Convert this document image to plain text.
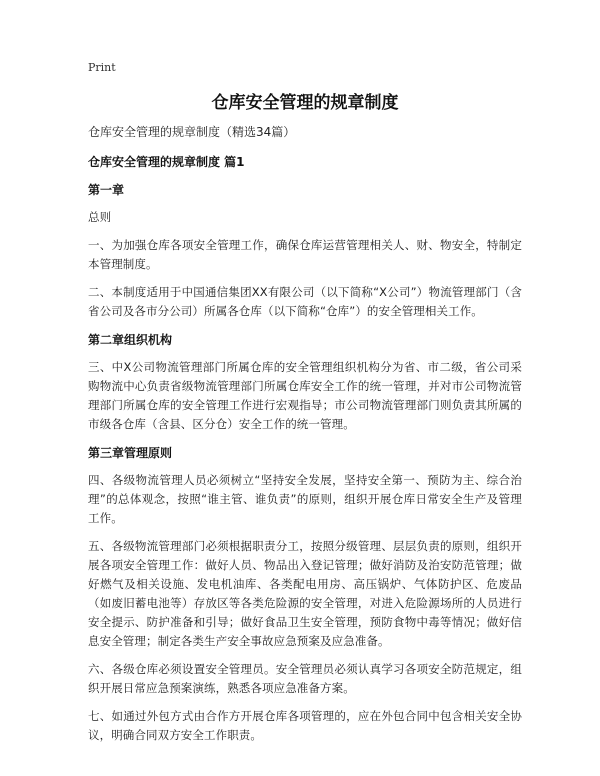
Print
仓库安全管理的规章制度
仓库安全管理的规章制度（精选34篇）
仓库安全管理的规章制度 篇1
第一章
总则
一、为加强仓库各项安全管理工作，确保仓库运营管理相关人、财、物安全，特制定本管理制度。
二、本制度适用于中国通信集团XX有限公司（以下简称“X公司”）物流管理部门（含省公司及各市分公司）所属各仓库（以下简称“仓库”）的安全管理相关工作。
第二章组织机构
三、中X公司物流管理部门所属仓库的安全管理组织机构分为省、市二级，省公司采购物流中心负责省级物流管理部门所属仓库安全工作的统一管理，并对市公司物流管理部门所属仓库的安全管理工作进行宏观指导；市公司物流管理部门则负责其所属的市级各仓库（含县、区分仓）安全工作的统一管理。
第三章管理原则
四、各级物流管理人员必须树立“坚持安全发展，坚持安全第一、预防为主、综合治理”的总体观念，按照“谁主管、谁负责”的原则，组织开展仓库日常安全生产及管理工作。
五、各级物流管理部门必须根据职责分工，按照分级管理、层层负责的原则，组织开展各项安全管理工作：做好人员、物品出入登记管理；做好消防及治安防范管理；做好燃气及相关设施、发电机油库、各类配电用房、高压锅炉、气体防护区、危废品（如废旧蓄电池等）存放区等各类危险源的安全管理，对进入危险源场所的人员进行安全提示、防护准备和引导；做好食品卫生安全管理，预防食物中毒等情况；做好信息安全管理；制定各类生产安全事故应急预案及应急准备。
六、各级仓库必须设置安全管理员。安全管理员必须认真学习各项安全防范规定，组织开展日常应急预案演练，熟悉各项应急准备方案。
七、如通过外包方式由合作方开展仓库各项管理的，应在外包合同中包含相关安全协议，明确合同双方安全工作职责。
